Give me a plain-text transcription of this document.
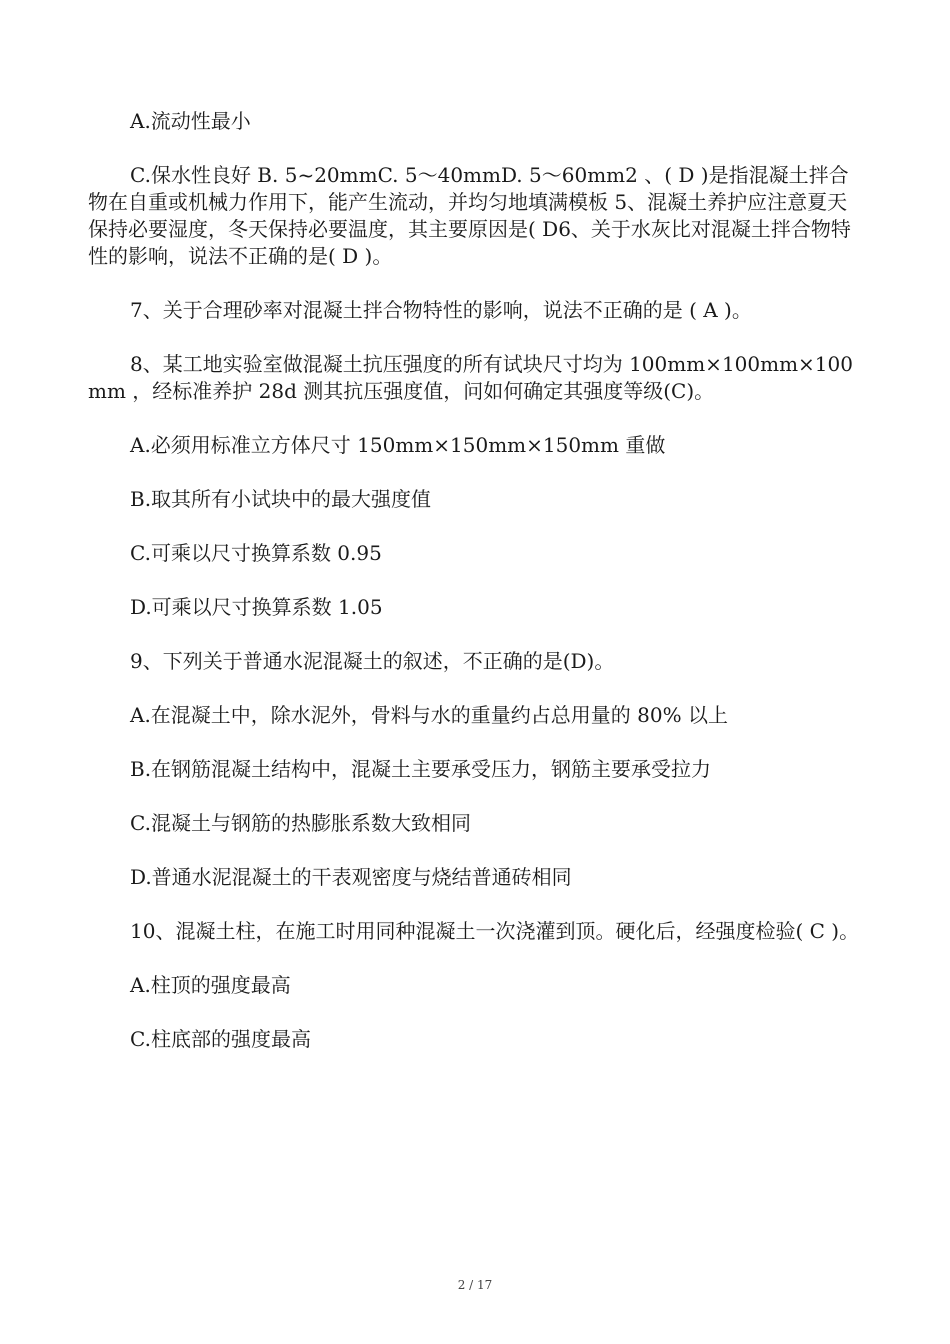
A.流动性最小

C.保水性良好 B. 5~20mmC. 5～40mmD. 5～60mm2 、( D )是指混凝土拌合物在自重或机械力作用下，能产生流动，并均匀地填满模板 5、混凝土养护应注意夏天保持必要湿度，冬天保持必要温度，其主要原因是( D6、关于水灰比对混凝土拌合物特性的影响，说法不正确的是( D )。

7、关于合理砂率对混凝土拌合物特性的影响，说法不正确的是 ( A )。

8、某工地实验室做混凝土抗压强度的所有试块尺寸均为 100mm×100mm×100mm ，经标准养护 28d 测其抗压强度值，问如何确定其强度等级(C)。

A.必须用标准立方体尺寸 150mm×150mm×150mm 重做

B.取其所有小试块中的最大强度值

C.可乘以尺寸换算系数 0.95

D.可乘以尺寸换算系数 1.05

9、下列关于普通水泥混凝土的叙述，不正确的是(D)。

A.在混凝土中，除水泥外，骨料与水的重量约占总用量的 80% 以上

B.在钢筋混凝土结构中，混凝土主要承受压力，钢筋主要承受拉力

C.混凝土与钢筋的热膨胀系数大致相同

D.普通水泥混凝土的干表观密度与烧结普通砖相同

10、混凝土柱，在施工时用同种混凝土一次浇灌到顶。硬化后，经强度检验( C )。

A.柱顶的强度最高

C.柱底部的强度最高

2 / 17
